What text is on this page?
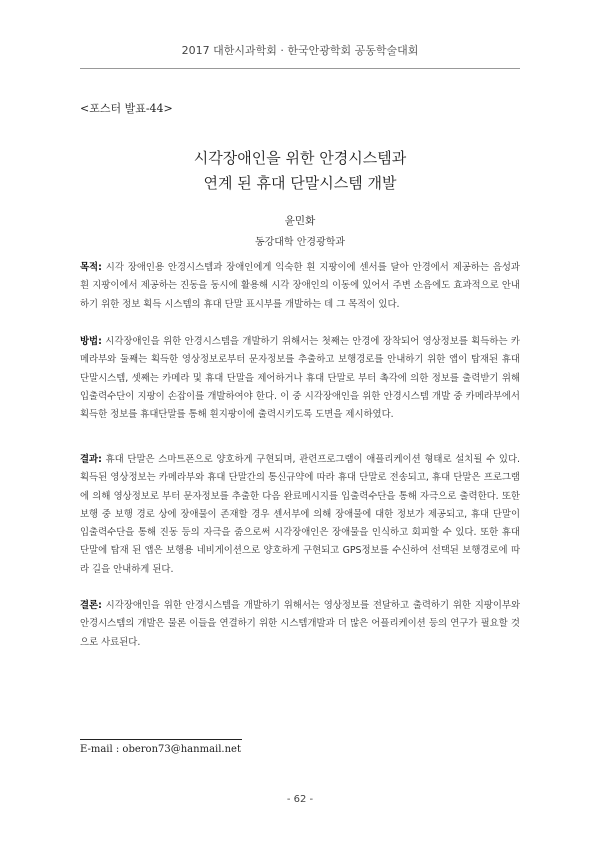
2017 대한시과학회 · 한국안광학회 공동학술대회
<포스터 발표-44>
시각장애인을 위한 안경시스템과
연계 된 휴대 단말시스템 개발
윤민화
동강대학 안경광학과
목적: 시각 장애인용 안경시스템과 장애인에게 익숙한 흰 지팡이에 센서를 달아 안경에서 제공하는 음성과 흰 지팡이에서 제공하는 진동을 동시에 활용해 시각 장애인의 이동에 있어서 주변 소음에도 효과적으로 안내하기 위한 정보 획득 시스템의 휴대 단말 표시부를 개발하는 데 그 목적이 있다.
방법: 시각장애인을 위한 안경시스템을 개발하기 위해서는 첫째는 안경에 장착되어 영상정보를 획득하는 카메라부와 둘째는 획득한 영상정보로부터 문자정보를 추출하고 보행경로를 안내하기 위한 앱이 탑재된 휴대 단말시스템, 셋째는 카메라 및 휴대 단말을 제어하거나 휴대 단말로 부터 촉각에 의한 정보를 출력받기 위해 입출력수단이 지팡이 손잡이를 개발하여야 한다. 이 중 시각장애인을 위한 안경시스템 개발 중 카메라부에서 획득한 정보를 휴대단말를 통해 흰지팡이에 출력시키도록 도면을 제시하였다.
결과: 휴대 단말은 스마트폰으로 양호하게 구현되며, 관련프로그램이 애플리케이션 형태로 설치될 수 있다. 획득된 영상정보는 카메라부와 휴대 단말간의 통신규약에 따라 휴대 단말로 전송되고, 휴대 단말은 프로그램에 의해 영상정보로 부터 문자정보를 추출한 다음 완료메시지를 입출력수단을 통해 자극으로 출력한다. 또한 보행 중 보행 경로 상에 장애물이 존재할 경우 센서부에 의해 장애물에 대한 정보가 제공되고, 휴대 단말이 입출력수단을 통해 진동 등의 자극을 줌으로써 시각장애인은 장애물을 인식하고 회피할 수 있다. 또한 휴대 단말에 탑재 된 앱은 보행용 네비게이션으로 양호하게 구현되고 GPS정보를 수신하여 선택된 보행경로에 따라 길을 안내하게 된다.
결론: 시각장애인을 위한 안경시스템을 개발하기 위해서는 영상정보를 전달하고 출력하기 위한 지팡이부와 안경시스템의 개발은 물론 이들을 연결하기 위한 시스템개발과 더 많은 어플리케이션 등의 연구가 필요할 것으로 사료된다.
E-mail : oberon73@hanmail.net
- 62 -
